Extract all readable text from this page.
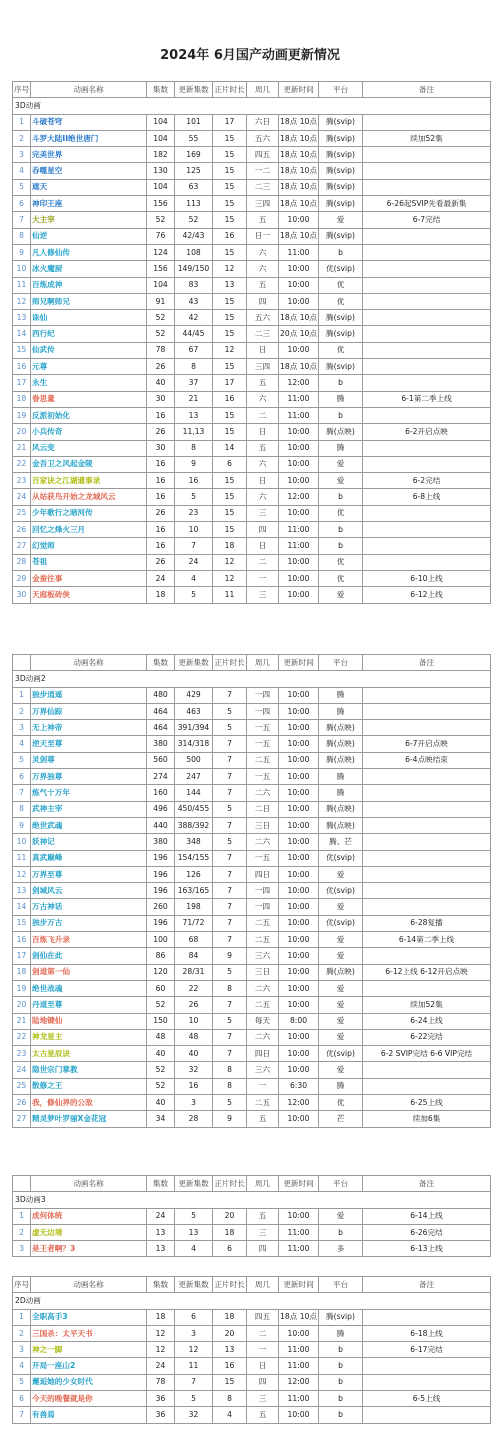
2024年 6月国产动画更新情况
序号	动画名称	集数	更新集数	正片时长	周几	更新时间	平台	备注
3D动画								
1	斗破苍穹	104	101	17	六日	18点 10点	腾(svip)	
2	斗罗大陆II绝世唐门	104	55	15	五六	18点 10点	腾(svip)	续加52集
3	完美世界	182	169	15	四五	18点 10点	腾(svip)	
4	吞噬星空	130	125	15	一二	18点 10点	腾(svip)	
5	遮天	104	63	15	二三	18点 10点	腾(svip)	
6	神印王座	156	113	15	三四	18点 10点	腾(svip)	6-26起SVIP先看最新集
7	大主宰	52	52	15	五	10:00	爱	6-7完结
8	仙逆	76	42/43	16	日一	18点 10点	腾(svip)	
9	凡人修仙传	124	108	15	六	11:00	b	
10	冰火魔厨	156	149/150	12	六	10:00	优(svip)	
11	百炼成神	104	83	13	五	10:00	优	
12	师兄啊师兄	91	43	15	四	10:00	优	
13	诛仙	52	42	15	五六	18点 10点	腾(svip)	
14	西行纪	52	44/45	15	二三	20点 10点	腾(svip)	
15	仙武传	78	67	12	日	10:00	优	
16	元尊	26	8	15	三四	18点 10点	腾(svip)	
17	永生	40	37	17	五	12:00	b	
18	眷思量	30	21	16	六	11:00	腾	6-1第二季上线
19	反派初始化	16	13	15	二	11:00	b	
20	小兵传奇	26	11,13	15	日	10:00	腾(点映)	6-2开启点映
21	风云变	30	8	14	五	10:00	腾	
22	金吾卫之风起金陵	16	9	6	六	10:00	爱	
23	百家诀之江湖遗事录	16	16	15	日	10:00	爱	6-2完结
24	从姑获鸟开始之龙城风云	16	5	15	六	12:00	b	6-8上线
25	少年歌行之暗河传	26	23	15	三	10:00	优	
26	回忆之烽火三月	16	10	15	四	11:00	b	
27	幻觉师	16	7	18	日	11:00	b	
28	苍祖	26	24	12	二	10:00	优	
29	金蚕往事	24	4	12	一	10:00	优	6-10上线
30	天庭板砖侠	18	5	11	三	10:00	爱	6-12上线
	动画名称	集数	更新集数	正片时长	周几	更新时间	平台	备注
3D动画2								
1	独步逍遥	480	429	7	一四	10:00	腾	
2	万界仙踪	464	463	5	一四	10:00	腾	
3	无上神帝	464	391/394	5	一五	10:00	腾(点映)	
4	逆天至尊	380	314/318	7	一五	10:00	腾(点映)	6-7开启点映
5	灵剑尊	560	500	7	二五	10:00	腾(点映)	6-4点映结束
6	万界独尊	274	247	7	一五	10:00	腾	
7	炼气十万年	160	144	7	二六	10:00	腾	
8	武神主宰	496	450/455	5	二日	10:00	腾(点映)	
9	绝世武魂	440	388/392	7	三日	10:00	腾(点映)	
10	妖神记	380	348	5	二六	10:00	腾、芒	
11	真武巅峰	196	154/155	7	一五	10:00	优(svip)	
12	万界至尊	196	126	7	四日	10:00	爱	
13	剑域风云	196	163/165	7	一四	10:00	优(svip)	
14	万古神话	260	198	7	一四	10:00	爱	
15	独步万古	196	71/72	7	二五	10:00	优(svip)	6-28复播
16	百炼飞升录	100	68	7	二五	10:00	爱	6-14第二季上线
17	剑仙在此	86	84	9	三六	10:00	爱	
18	剑道第一仙	120	28/31	5	三日	10:00	腾(点映)	6-12上线 6-12开启点映
19	绝世战魂	60	22	8	二六	10:00	爱	
20	丹道至尊	52	26	7	二五	10:00	爱	续加52集
21	陆地键仙	150	10	5	每天	8:00	爱	6-24上线
22	神龙星主	48	48	7	二六	10:00	爱	6-22完结
23	太古星辰诀	40	40	7	四日	10:00	优(svip)	6-2 SVIP完结 6-6 VIP完结
24	隐世宗门掌教	52	32	8	三六	10:00	爱	
25	散修之王	52	16	8	一	6:30	腾	
26	我，修仙界的公敌	40	3	5	二五	12:00	优	6-25上线
27	精灵梦叶罗丽X金花冠	34	28	9	五	10:00	芒	续加6集
	动画名称	集数	更新集数	正片时长	周几	更新时间	平台	备注
3D动画3								
1	成何体统	24	5	20	五	10:00	爱	6-14上线
2	虚无边境	13	13	18	三	11:00	b	6-26完结
3	是王者啊？3	13	4	6	四	11:00	多	6-13上线
序号	动画名称	集数	更新集数	正片时长	周几	更新时间	平台	备注
2D动画								
1	全职高手3	18	6	18	四五	18点 10点	腾(svip)	
2	三国杀：太平天书	12	3	20	二	10:00	腾	6-18上线
3	神之一脚	12	12	13	一	11:00	b	6-17完结
4	开局一座山2	24	11	16	日	11:00	b	
5	邂逅她的少女时代	78	7	15	四	12:00	b	
6	今天的晚餐就是你	36	5	8	三	11:00	b	6-5上线
7	有兽焉	36	32	4	五	10:00	b	
